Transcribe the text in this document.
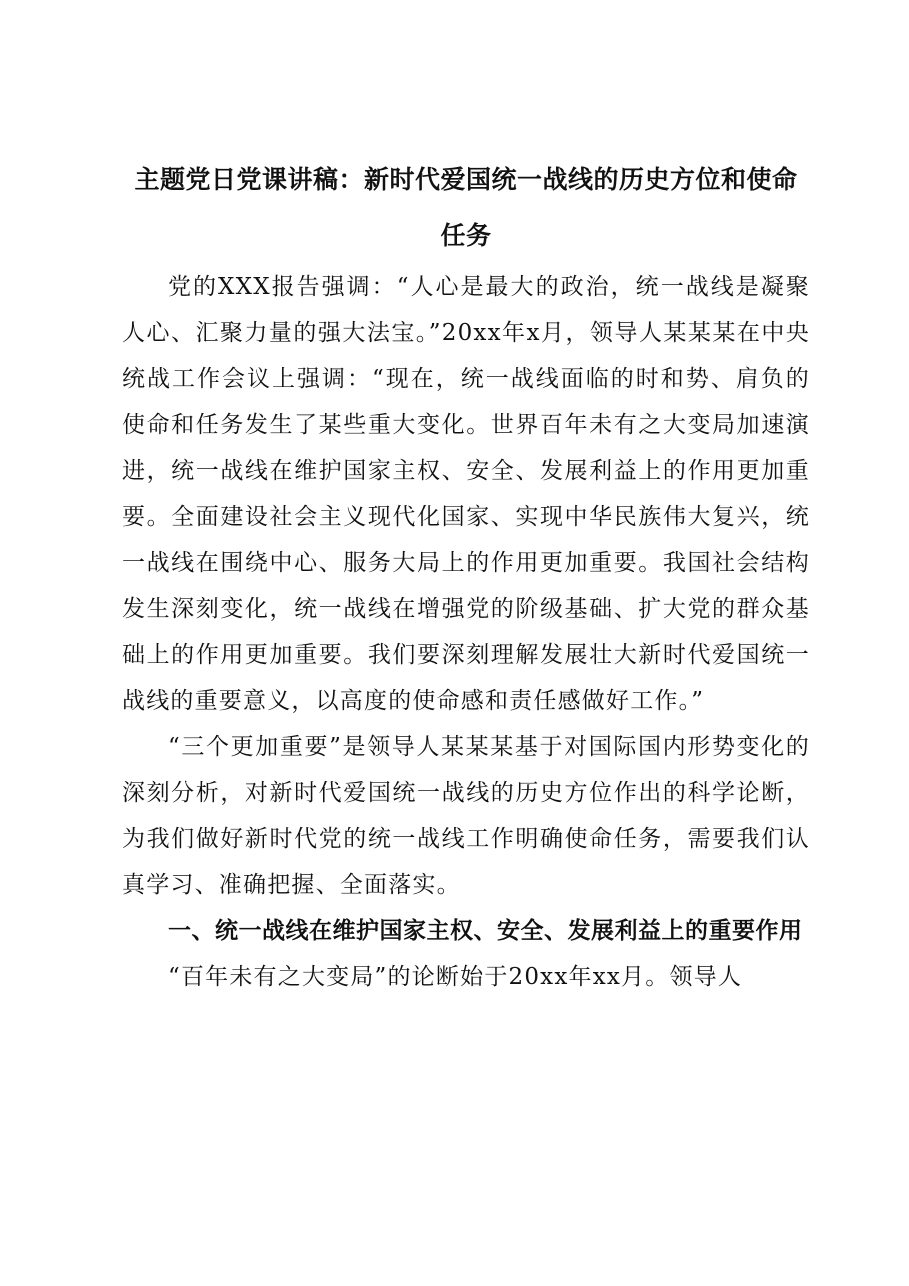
主题党日党课讲稿：新时代爱国统一战线的历史方位和使命任务

党的XXX报告强调：“人心是最大的政治，统一战线是凝聚人心、汇聚力量的强大法宝。”20xx年x月，领导人某某某在中央统战工作会议上强调：“现在，统一战线面临的时和势、肩负的使命和任务发生了某些重大变化。世界百年未有之大变局加速演进，统一战线在维护国家主权、安全、发展利益上的作用更加重要。全面建设社会主义现代化国家、实现中华民族伟大复兴，统一战线在围绕中心、服务大局上的作用更加重要。我国社会结构发生深刻变化，统一战线在增强党的阶级基础、扩大党的群众基础上的作用更加重要。我们要深刻理解发展壮大新时代爱国统一战线的重要意义，以高度的使命感和责任感做好工作。”

“三个更加重要”是领导人某某某基于对国际国内形势变化的深刻分析，对新时代爱国统一战线的历史方位作出的科学论断，为我们做好新时代党的统一战线工作明确使命任务，需要我们认真学习、准确把握、全面落实。

一、统一战线在维护国家主权、安全、发展利益上的重要作用

“百年未有之大变局”的论断始于20xx年xx月。领导人
